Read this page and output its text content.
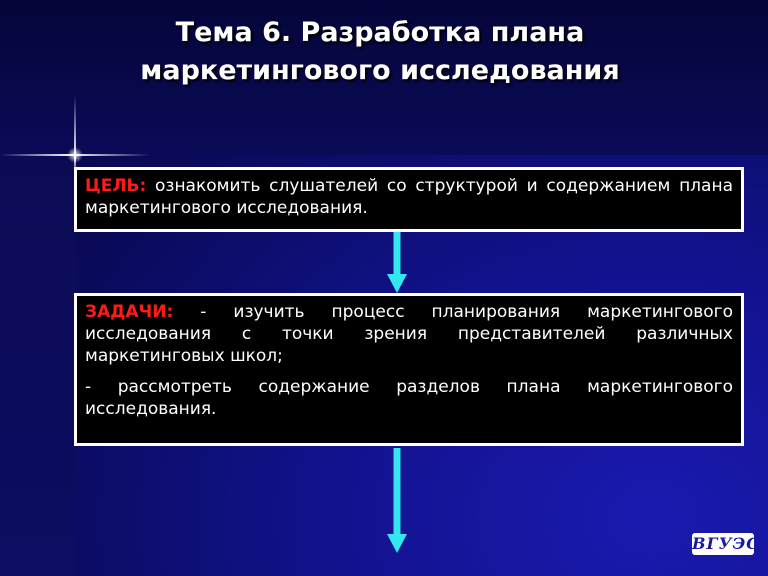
Тема 6. Разработка плана
маркетингового исследования
ЦЕЛЬ: ознакомить слушателей со структурой и содержанием плана маркетингового исследования.

ЗАДАЧИ: - изучить процесс планирования маркетингового исследования с точки зрения представителей различных маркетинговых школ;

- рассмотреть содержание разделов плана маркетингового исследования.

ВГУЭС
